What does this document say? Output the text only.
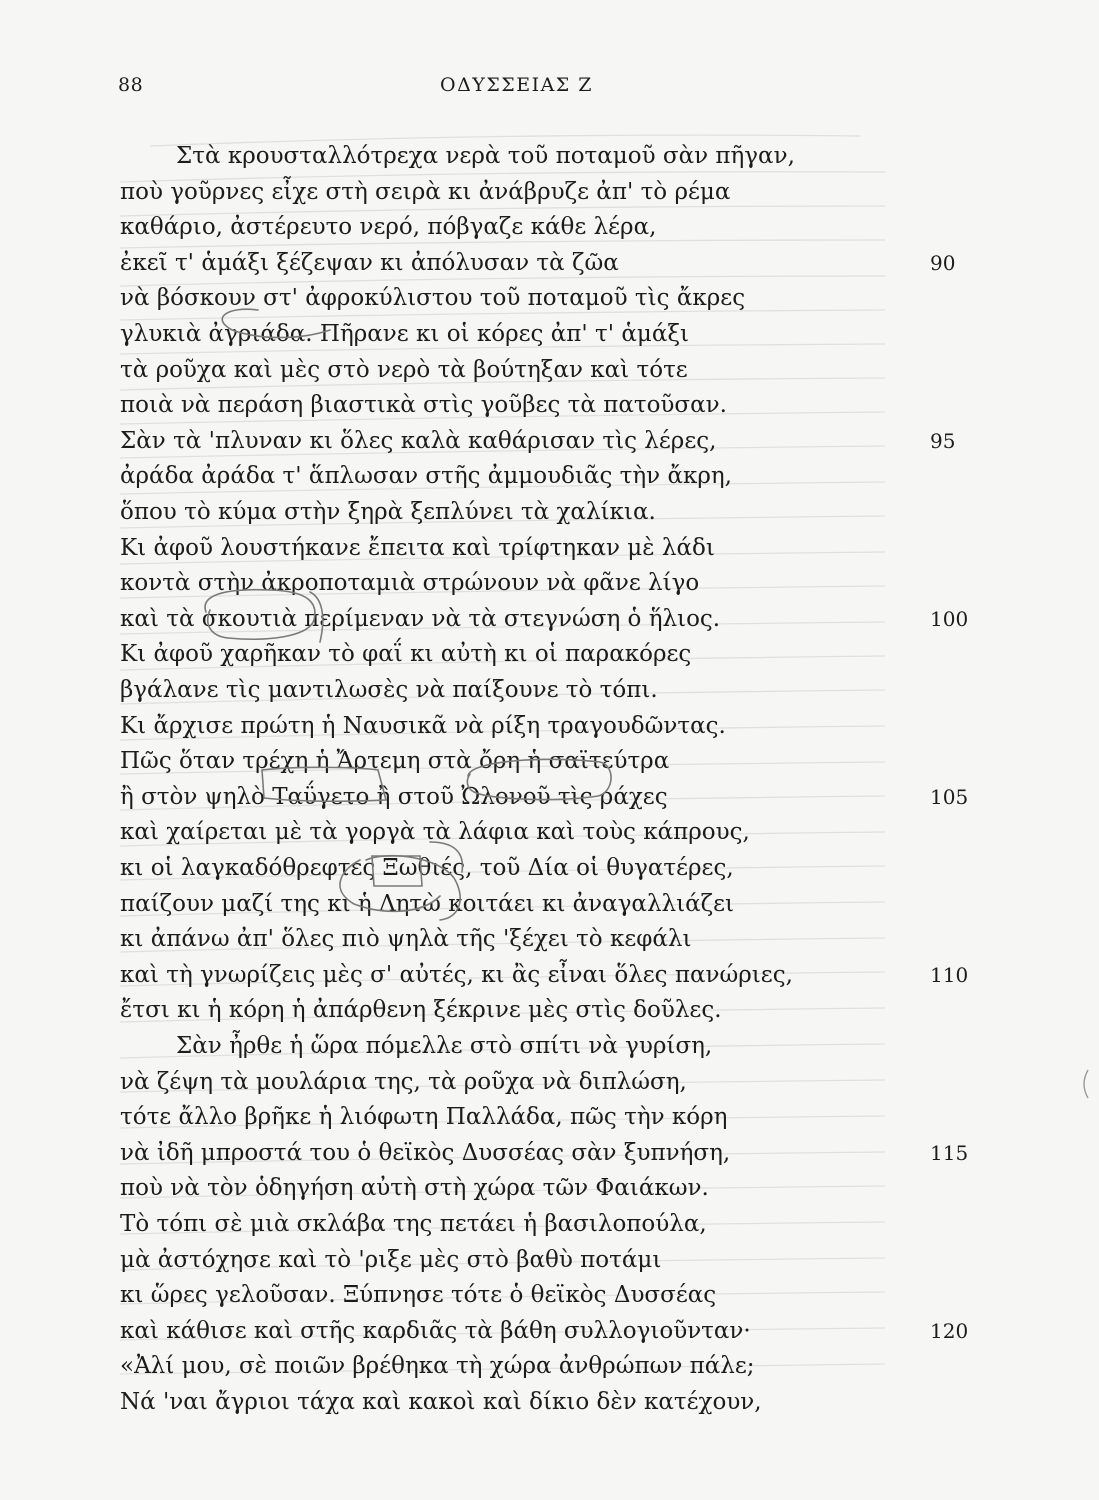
88	ΟΔΥΣΣΕΙΑΣ Ζ
Στὰ κρουσταλλότρεχα νερὰ τοῦ ποταμοῦ σὰν πῆγαν,
ποὺ γοῦρνες εἶχε στὴ σειρὰ κι ἀνάβρυζε ἀπ' τὸ ρέμα
καθάριο, ἀστέρευτο νερό, πόβγαζε κάθε λέρα,
ἐκεῖ τ' ἁμάξι ξέζεψαν κι ἀπόλυσαν τὰ ζῶα	90
νὰ βόσκουν στ' ἀφροκύλιστου τοῦ ποταμοῦ τὶς ἄκρες
γλυκιὰ ἀγριάδα. Πῆρανε κι οἱ κόρες ἀπ' τ' ἁμάξι
τὰ ροῦχα καὶ μὲς στὸ νερὸ τὰ βούτηξαν καὶ τότε
ποιὰ νὰ περάση βιαστικὰ στὶς γοῦβες τὰ πατοῦσαν.
Σὰν τὰ 'πλυναν κι ὅλες καλὰ καθάρισαν τὶς λέρες,	95
ἀράδα ἀράδα τ' ἅπλωσαν στῆς ἀμμουδιᾶς τὴν ἄκρη,
ὅπου τὸ κύμα στὴν ξηρὰ ξεπλύνει τὰ χαλίκια.
Κι ἀφοῦ λουστήκανε ἔπειτα καὶ τρίφτηκαν μὲ λάδι
κοντὰ στὴν ἀκροποταμιὰ στρώνουν νὰ φᾶνε λίγο
καὶ τὰ σκουτιὰ περίμεναν νὰ τὰ στεγνώση ὁ ἥλιος.	100
Κι ἀφοῦ χαρῆκαν τὸ φαΐ κι αὐτὴ κι οἱ παρακόρες
βγάλανε τὶς μαντιλωσὲς νὰ παίξουνε τὸ τόπι.
Κι ἄρχισε πρώτη ἡ Ναυσικᾶ νὰ ρίξη τραγουδῶντας.
Πῶς ὅταν τρέχη ἡ Ἄρτεμη στὰ ὄρη ἡ σαϊτεύτρα
ἢ στὸν ψηλὸ Ταΰγετο ἢ στοῦ Ὠλονοῦ τὶς ράχες	105
καὶ χαίρεται μὲ τὰ γοργὰ τὰ λάφια καὶ τοὺς κάπρους,
κι οἱ λαγκαδόθρεφτες Ξωθιές, τοῦ Δία οἱ θυγατέρες,
παίζουν μαζί της κι ἡ Λητὼ κοιτάει κι ἀναγαλλιάζει
κι ἀπάνω ἀπ' ὅλες πιὸ ψηλὰ τῆς 'ξέχει τὸ κεφάλι
καὶ τὴ γνωρίζεις μὲς σ' αὐτές, κι ἂς εἶναι ὅλες πανώριες,	110
ἔτσι κι ἡ κόρη ἡ ἀπάρθενη ξέκρινε μὲς στὶς δοῦλες.
Σὰν ἦρθε ἡ ὥρα πόμελλε στὸ σπίτι νὰ γυρίση,
νὰ ζέψη τὰ μουλάρια της, τὰ ροῦχα νὰ διπλώση,
τότε ἄλλο βρῆκε ἡ λιόφωτη Παλλάδα, πῶς τὴν κόρη
νὰ ἰδῆ μπροστά του ὁ θεϊκὸς Δυσσέας σὰν ξυπνήση,	115
ποὺ νὰ τὸν ὁδηγήση αὐτὴ στὴ χώρα τῶν Φαιάκων.
Τὸ τόπι σὲ μιὰ σκλάβα της πετάει ἡ βασιλοπούλα,
μὰ ἀστόχησε καὶ τὸ 'ριξε μὲς στὸ βαθὺ ποτάμι
κι ὥρες γελοῦσαν. Ξύπνησε τότε ὁ θεϊκὸς Δυσσέας
καὶ κάθισε καὶ στῆς καρδιᾶς τὰ βάθη συλλογιοῦνταν·	120
«Ἀλί μου, σὲ ποιῶν βρέθηκα τὴ χώρα ἀνθρώπων πάλε;
Νά 'ναι ἄγριοι τάχα καὶ κακοὶ καὶ δίκιο δὲν κατέχουν,
